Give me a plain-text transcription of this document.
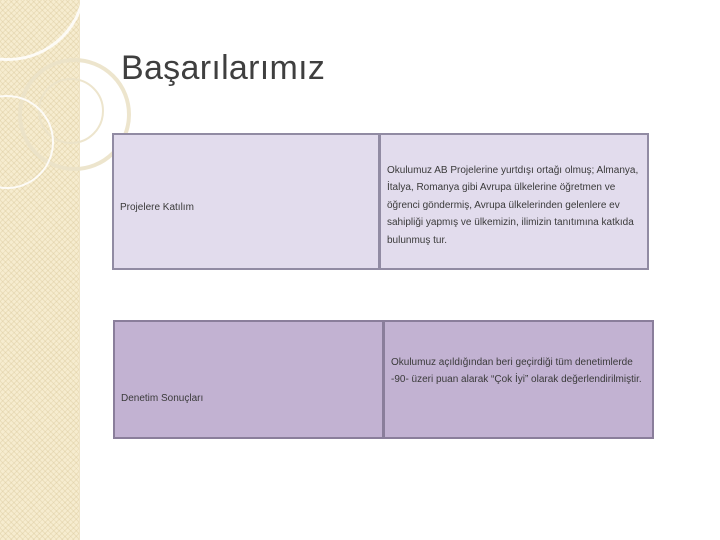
Başarılarımız
Projelere Katılım
Okulumuz AB Projelerine yurtdışı ortağı olmuş; Almanya, İtalya, Romanya gibi Avrupa ülkelerine öğretmen ve öğrenci göndermiş, Avrupa ülkelerinden gelenlere ev sahipliği yapmış ve ülkemizin, ilimizin tanıtımına katkıda bulunmuş tur.
Denetim Sonuçları
Okulumuz açıldığından beri geçirdiği tüm denetimlerde -90- üzeri puan alarak “Çok İyi” olarak değerlendirilmiştir.
